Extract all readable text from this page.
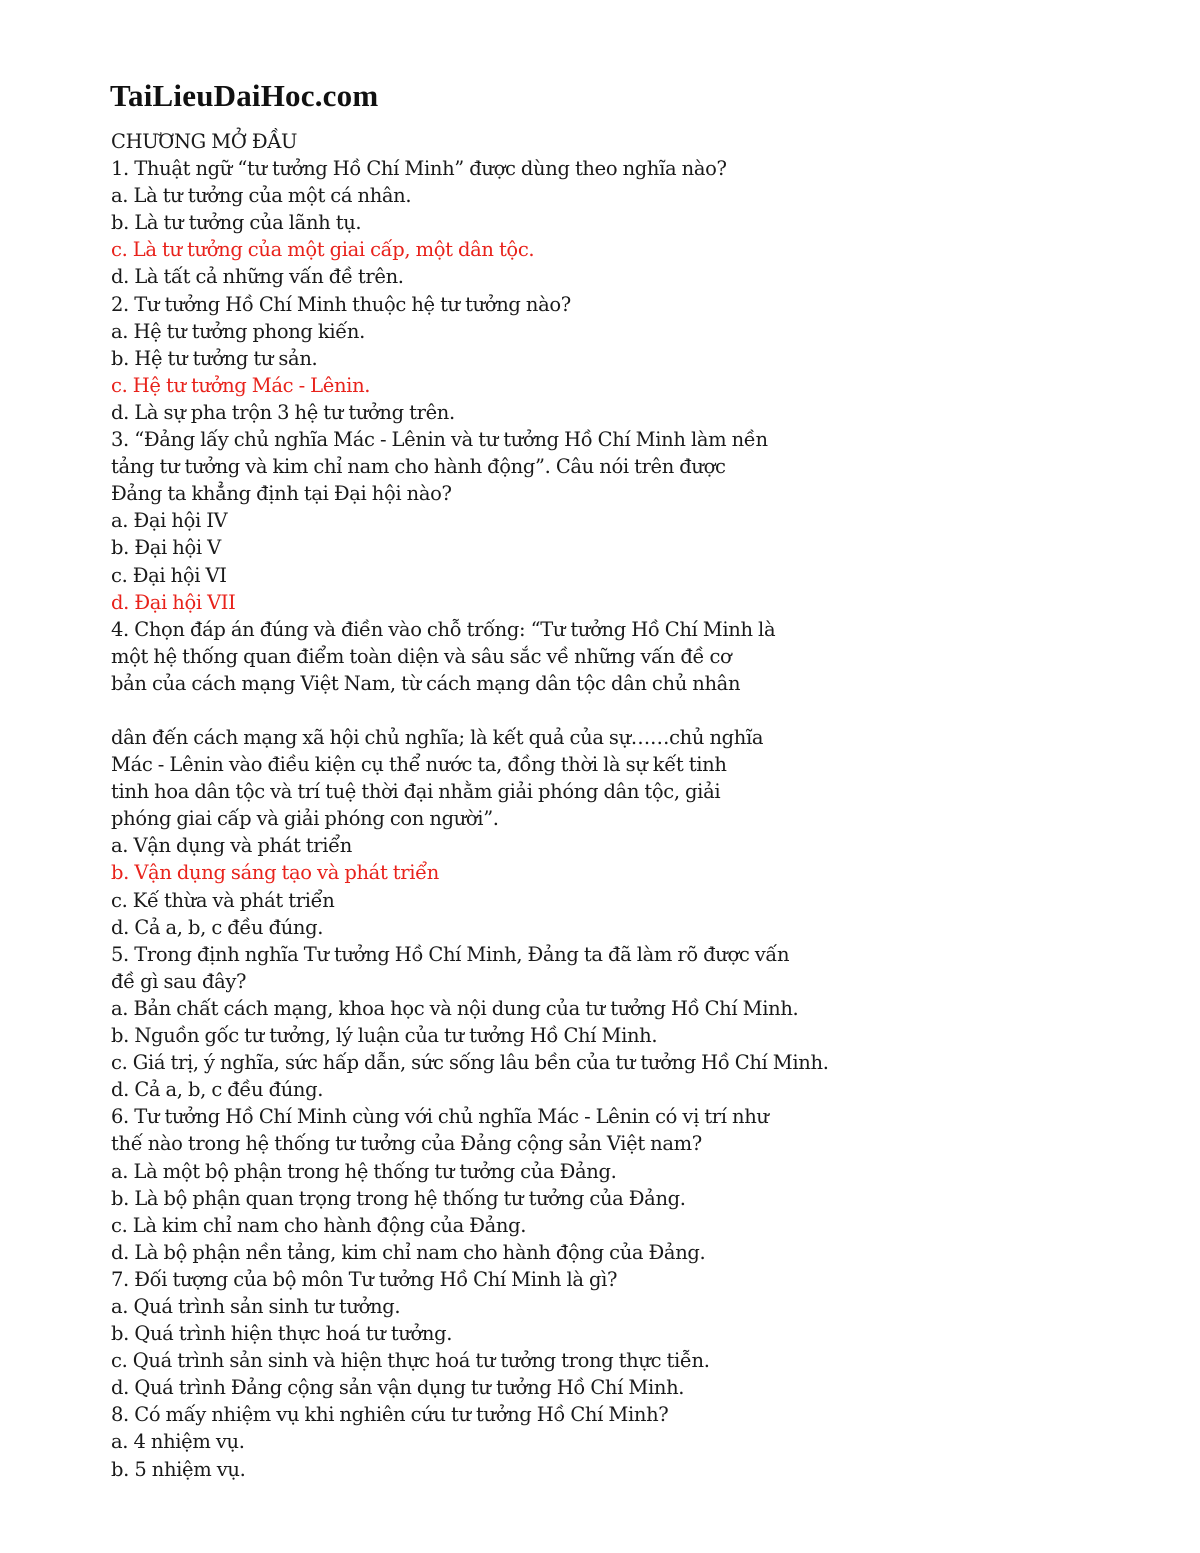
TaiLieuDaiHoc.com
CHƯƠNG MỞ ĐẦU
1. Thuật ngữ “tư tưởng Hồ Chí Minh” được dùng theo nghĩa nào?
a. Là tư tưởng của một cá nhân.
b. Là tư tưởng của lãnh tụ.
c. Là tư tưởng của một giai cấp, một dân tộc.
d. Là tất cả những vấn đề trên.
2. Tư tưởng Hồ Chí Minh thuộc hệ tư tưởng nào?
a. Hệ tư tưởng phong kiến.
b. Hệ tư tưởng tư sản.
c. Hệ tư tưởng Mác - Lênin.
d. Là sự pha trộn 3 hệ tư tưởng trên.
3. “Đảng lấy chủ nghĩa Mác - Lênin và tư tưởng Hồ Chí Minh làm nền
tảng tư tưởng và kim chỉ nam cho hành động”. Câu nói trên được
Đảng ta khẳng định tại Đại hội nào?
a. Đại hội IV
b. Đại hội V
c. Đại hội VI
d. Đại hội VII
4. Chọn đáp án đúng và điền vào chỗ trống: “Tư tưởng Hồ Chí Minh là
một hệ thống quan điểm toàn diện và sâu sắc về những vấn đề cơ
bản của cách mạng Việt Nam, từ cách mạng dân tộc dân chủ nhân
dân đến cách mạng xã hội chủ nghĩa; là kết quả của sự……chủ nghĩa
Mác - Lênin vào điều kiện cụ thể nước ta, đồng thời là sự kết tinh
tinh hoa dân tộc và trí tuệ thời đại nhằm giải phóng dân tộc, giải
phóng giai cấp và giải phóng con người”.
a. Vận dụng và phát triển
b. Vận dụng sáng tạo và phát triển
c. Kế thừa và phát triển
d. Cả a, b, c đều đúng.
5. Trong định nghĩa Tư tưởng Hồ Chí Minh, Đảng ta đã làm rõ được vấn
đề gì sau đây?
a. Bản chất cách mạng, khoa học và nội dung của tư tưởng Hồ Chí Minh.
b. Nguồn gốc tư tưởng, lý luận của tư tưởng Hồ Chí Minh.
c. Giá trị, ý nghĩa, sức hấp dẫn, sức sống lâu bền của tư tưởng Hồ Chí Minh.
d. Cả a, b, c đều đúng.
6. Tư tưởng Hồ Chí Minh cùng với chủ nghĩa Mác - Lênin có vị trí như
thế nào trong hệ thống tư tưởng của Đảng cộng sản Việt nam?
a. Là một bộ phận trong hệ thống tư tưởng của Đảng.
b. Là bộ phận quan trọng trong hệ thống tư tưởng của Đảng.
c. Là kim chỉ nam cho hành động của Đảng.
d. Là bộ phận nền tảng, kim chỉ nam cho hành động của Đảng.
7. Đối tượng của bộ môn Tư tưởng Hồ Chí Minh là gì?
a. Quá trình sản sinh tư tưởng.
b. Quá trình hiện thực hoá tư tưởng.
c. Quá trình sản sinh và hiện thực hoá tư tưởng trong thực tiễn.
d. Quá trình Đảng cộng sản vận dụng tư tưởng Hồ Chí Minh.
8. Có mấy nhiệm vụ khi nghiên cứu tư tưởng Hồ Chí Minh?
a. 4 nhiệm vụ.
b. 5 nhiệm vụ.
